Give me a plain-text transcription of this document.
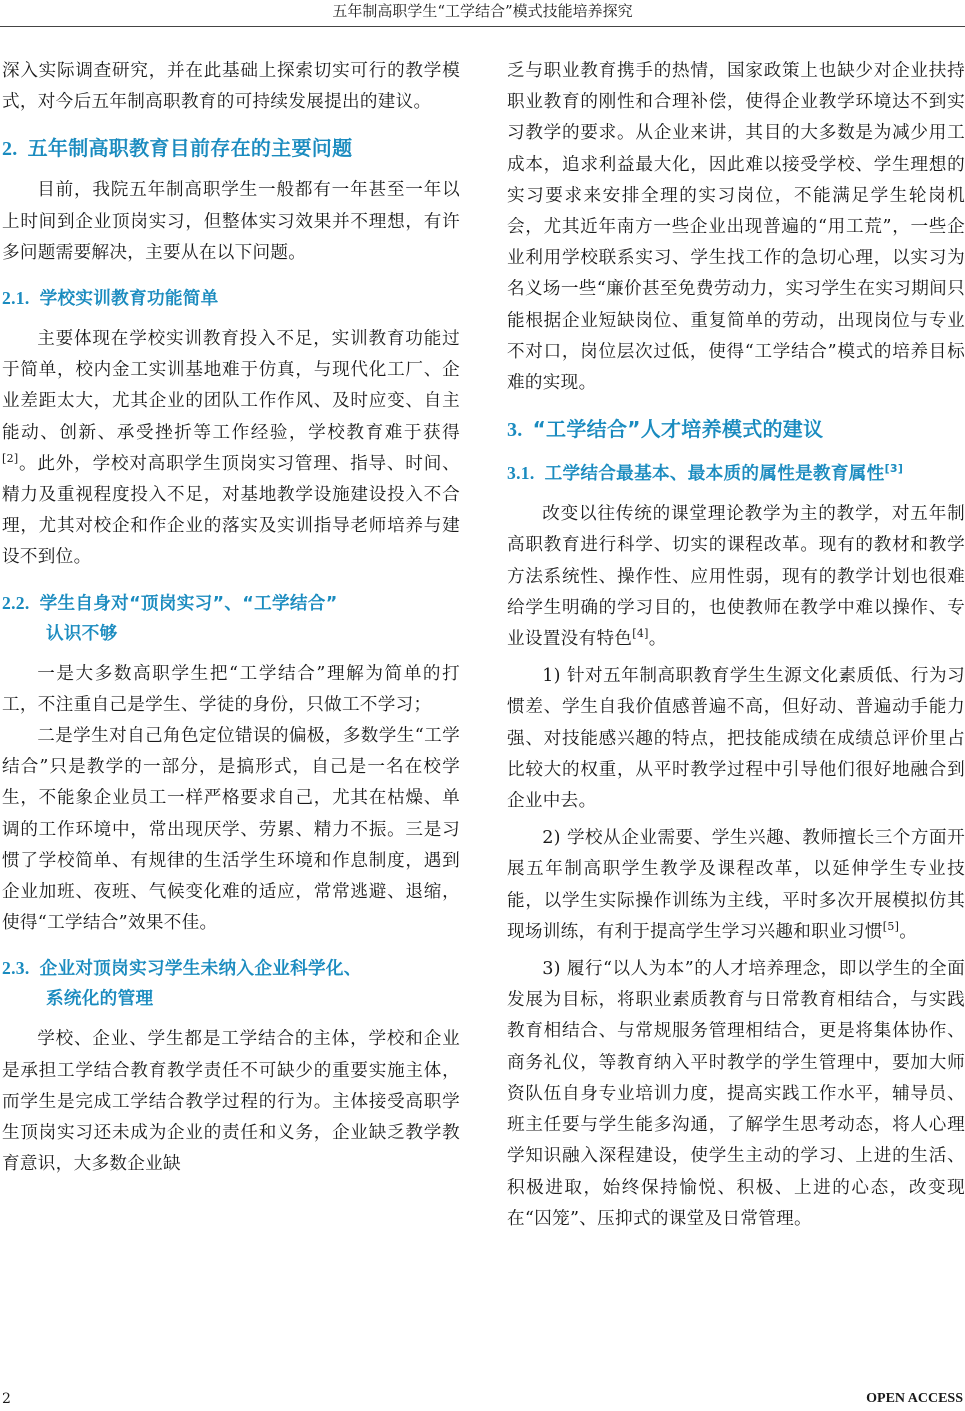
五年制高职学生“工学结合”模式技能培养探究

深入实际调查研究，并在此基础上探索切实可行的教学模式，对今后五年制高职教育的可持续发展提出的建议。

2. 五年制高职教育目前存在的主要问题

目前，我院五年制高职学生一般都有一年甚至一年以上时间到企业顶岗实习，但整体实习效果并不理想，有许多问题需要解决，主要从在以下问题。

2.1. 学校实训教育功能简单

主要体现在学校实训教育投入不足，实训教育功能过于简单，校内金工实训基地难于仿真，与现代化工厂、企业差距太大，尤其企业的团队工作作风、及时应变、自主能动、创新、承受挫折等工作经验，学校教育难于获得[2]。此外，学校对高职学生顶岗实习管理、指导、时间、精力及重视程度投入不足，对基地教学设施建设投入不合理，尤其对校企和作企业的落实及实训指导老师培养与建设不到位。

2.2. 学生自身对“顶岗实习”、“工学结合”
认识不够

一是大多数高职学生把“工学结合”理解为简单的打工，不注重自己是学生、学徒的身份，只做工不学习；

二是学生对自己角色定位错误的偏极，多数学生“工学结合”只是教学的一部分，是搞形式，自己是一名在校学生，不能象企业员工一样严格要求自己，尤其在枯燥、单调的工作环境中，常出现厌学、劳累、精力不振。三是习惯了学校简单、有规律的生活学生环境和作息制度，遇到企业加班、夜班、气候变化难的适应，常常逃避、退缩，使得“工学结合”效果不佳。

2.3. 企业对顶岗实习学生未纳入企业科学化、
系统化的管理

学校、企业、学生都是工学结合的主体，学校和企业是承担工学结合教育教学责任不可缺少的重要实施主体，而学生是完成工学结合教学过程的行为。主体接受高职学生顶岗实习还未成为企业的责任和义务，企业缺乏教学教育意识，大多数企业缺

乏与职业教育携手的热情，国家政策上也缺少对企业扶持职业教育的刚性和合理补偿，使得企业教学环境达不到实习教学的要求。从企业来讲，其目的大多数是为减少用工成本，追求利益最大化，因此难以接受学校、学生理想的实习要求来安排全理的实习岗位，不能满足学生轮岗机会，尤其近年南方一些企业出现普遍的“用工荒”，一些企业利用学校联系实习、学生找工作的急切心理，以实习为名义场一些“廉价甚至免费劳动力，实习学生在实习期间只能根据企业短缺岗位、重复简单的劳动，出现岗位与专业不对口，岗位层次过低，使得“工学结合”模式的培养目标难的实现。

3. “工学结合”人才培养模式的建议
3.1. 工学结合最基本、最本质的属性是教育属性[3]

改变以往传统的课堂理论教学为主的教学，对五年制高职教育进行科学、切实的课程改革。现有的教材和教学方法系统性、操作性、应用性弱，现有的教学计划也很难给学生明确的学习目的，也使教师在教学中难以操作、专业设置没有特色[4]。

1) 针对五年制高职教育学生生源文化素质低、行为习惯差、学生自我价值感普遍不高，但好动、普遍动手能力强、对技能感兴趣的特点，把技能成绩在成绩总评价里占比较大的权重，从平时教学过程中引导他们很好地融合到企业中去。

2) 学校从企业需要、学生兴趣、教师擅长三个方面开展五年制高职学生教学及课程改革，以延伸学生专业技能，以学生实际操作训练为主线，平时多次开展模拟仿其现场训练，有利于提高学生学习兴趣和职业习惯[5]。

3) 履行“以人为本”的人才培养理念，即以学生的全面发展为目标，将职业素质教育与日常教育相结合，与实践教育相结合、与常规服务管理相结合，更是将集体协作、商务礼仪，等教育纳入平时教学的学生管理中，要加大师资队伍自身专业培训力度，提高实践工作水平，辅导员、班主任要与学生能多沟通，了解学生思考动态，将人心理学知识融入深程建设，使学生主动的学习、上进的生活、积极进取，始终保持愉悦、积极、上进的心态，改变现在“囚笼”、压抑式的课堂及日常管理。

2	OPEN ACCESS
